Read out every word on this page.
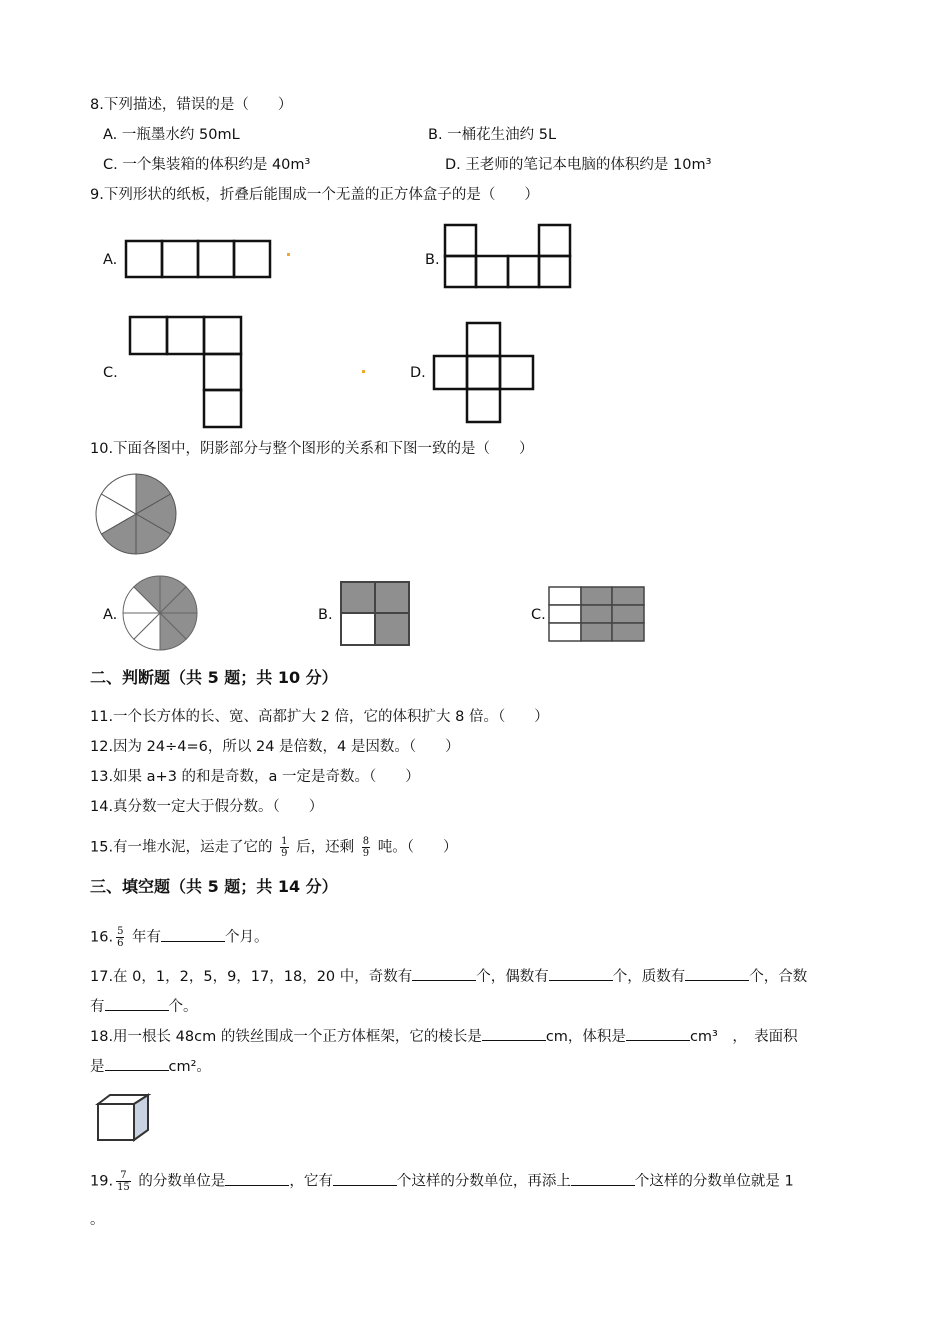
8.下列描述，错误的是（　　）
A. 一瓶墨水约 50mL	B. 一桶花生油约 5L
C. 一个集装箱的体积约是 40m³	D. 王老师的笔记本电脑的体积约是 10m³
9.下列形状的纸板，折叠后能围成一个无盖的正方体盒子的是（　　）
A.	B.
C.	D.
10.下面各图中，阴影部分与整个图形的关系和下图一致的是（　　）
A.	B.	C.
二、判断题（共 5 题；共 10 分）
11.一个长方体的长、宽、高都扩大 2 倍，它的体积扩大 8 倍。（　　）
12.因为 24÷4=6，所以 24 是倍数，4 是因数。（　　）
13.如果 a+3 的和是奇数，a 一定是奇数。（　　）
14.真分数一定大于假分数。（　　）
15.有一堆水泥，运走了它的 $\frac{1}{9}$ 后，还剩 $\frac{8}{9}$ 吨。（　　）
三、填空题（共 5 题；共 14 分）
16. $\frac{5}{6}$ 年有	个月。
17.在 0，1，2，5，9，17，18，20 中，奇数有	个，偶数有	个，质数有	个，合数
有	个。
18.用一根长 48cm 的铁丝围成一个正方体框架，它的棱长是	cm，体积是	cm³　，　表面积
是	cm²。
19. $\frac{7}{15}$ 的分数单位是	，它有	个这样的分数单位，再添上	个这样的分数单位就是 1
。
